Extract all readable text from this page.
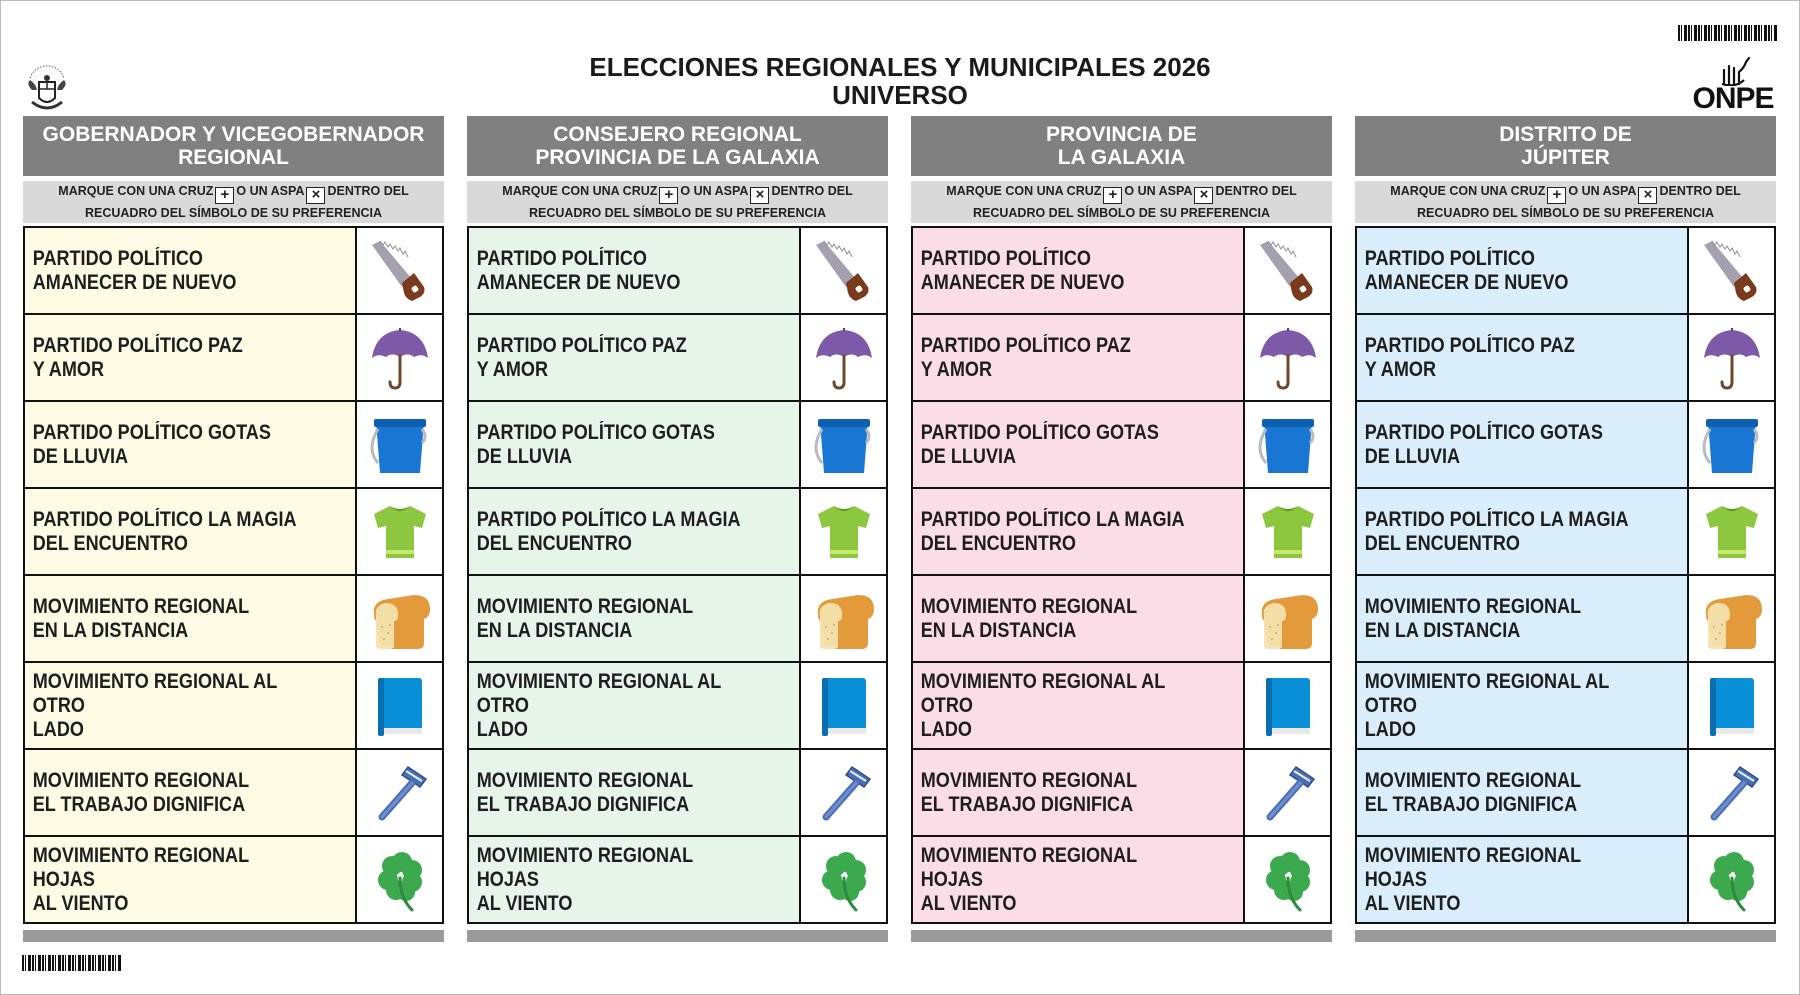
ELECCIONES REGIONALES Y MUNICIPALES 2026
UNIVERSO	ONPE
GOBERNADOR Y VICEGOBERNADOR
REGIONAL
MARQUE CON UNA CRUZ + O UN ASPA × DENTRO DEL
RECUADRO DEL SÍMBOLO DE SU PREFERENCIA
PARTIDO POLÍTICO
AMANECER DE NUEVO
PARTIDO POLÍTICO PAZ
Y AMOR
PARTIDO POLÍTICO GOTAS
DE LLUVIA
PARTIDO POLÍTICO LA MAGIA
DEL ENCUENTRO
MOVIMIENTO REGIONAL
EN LA DISTANCIA
MOVIMIENTO REGIONAL AL OTRO
LADO
MOVIMIENTO REGIONAL
EL TRABAJO DIGNIFICA
MOVIMIENTO REGIONAL HOJAS
AL VIENTO
CONSEJERO REGIONAL
PROVINCIA DE LA GALAXIA
MARQUE CON UNA CRUZ + O UN ASPA × DENTRO DEL
RECUADRO DEL SÍMBOLO DE SU PREFERENCIA
PARTIDO POLÍTICO
AMANECER DE NUEVO
PARTIDO POLÍTICO PAZ
Y AMOR
PARTIDO POLÍTICO GOTAS
DE LLUVIA
PARTIDO POLÍTICO LA MAGIA
DEL ENCUENTRO
MOVIMIENTO REGIONAL
EN LA DISTANCIA
MOVIMIENTO REGIONAL AL OTRO
LADO
MOVIMIENTO REGIONAL
EL TRABAJO DIGNIFICA
MOVIMIENTO REGIONAL HOJAS
AL VIENTO
PROVINCIA DE
LA GALAXIA
MARQUE CON UNA CRUZ + O UN ASPA × DENTRO DEL
RECUADRO DEL SÍMBOLO DE SU PREFERENCIA
PARTIDO POLÍTICO
AMANECER DE NUEVO
PARTIDO POLÍTICO PAZ
Y AMOR
PARTIDO POLÍTICO GOTAS
DE LLUVIA
PARTIDO POLÍTICO LA MAGIA
DEL ENCUENTRO
MOVIMIENTO REGIONAL
EN LA DISTANCIA
MOVIMIENTO REGIONAL AL OTRO
LADO
MOVIMIENTO REGIONAL
EL TRABAJO DIGNIFICA
MOVIMIENTO REGIONAL HOJAS
AL VIENTO
DISTRITO DE
JÚPITER
MARQUE CON UNA CRUZ + O UN ASPA × DENTRO DEL
RECUADRO DEL SÍMBOLO DE SU PREFERENCIA
PARTIDO POLÍTICO
AMANECER DE NUEVO
PARTIDO POLÍTICO PAZ
Y AMOR
PARTIDO POLÍTICO GOTAS
DE LLUVIA
PARTIDO POLÍTICO LA MAGIA
DEL ENCUENTRO
MOVIMIENTO REGIONAL
EN LA DISTANCIA
MOVIMIENTO REGIONAL AL OTRO
LADO
MOVIMIENTO REGIONAL
EL TRABAJO DIGNIFICA
MOVIMIENTO REGIONAL HOJAS
AL VIENTO
